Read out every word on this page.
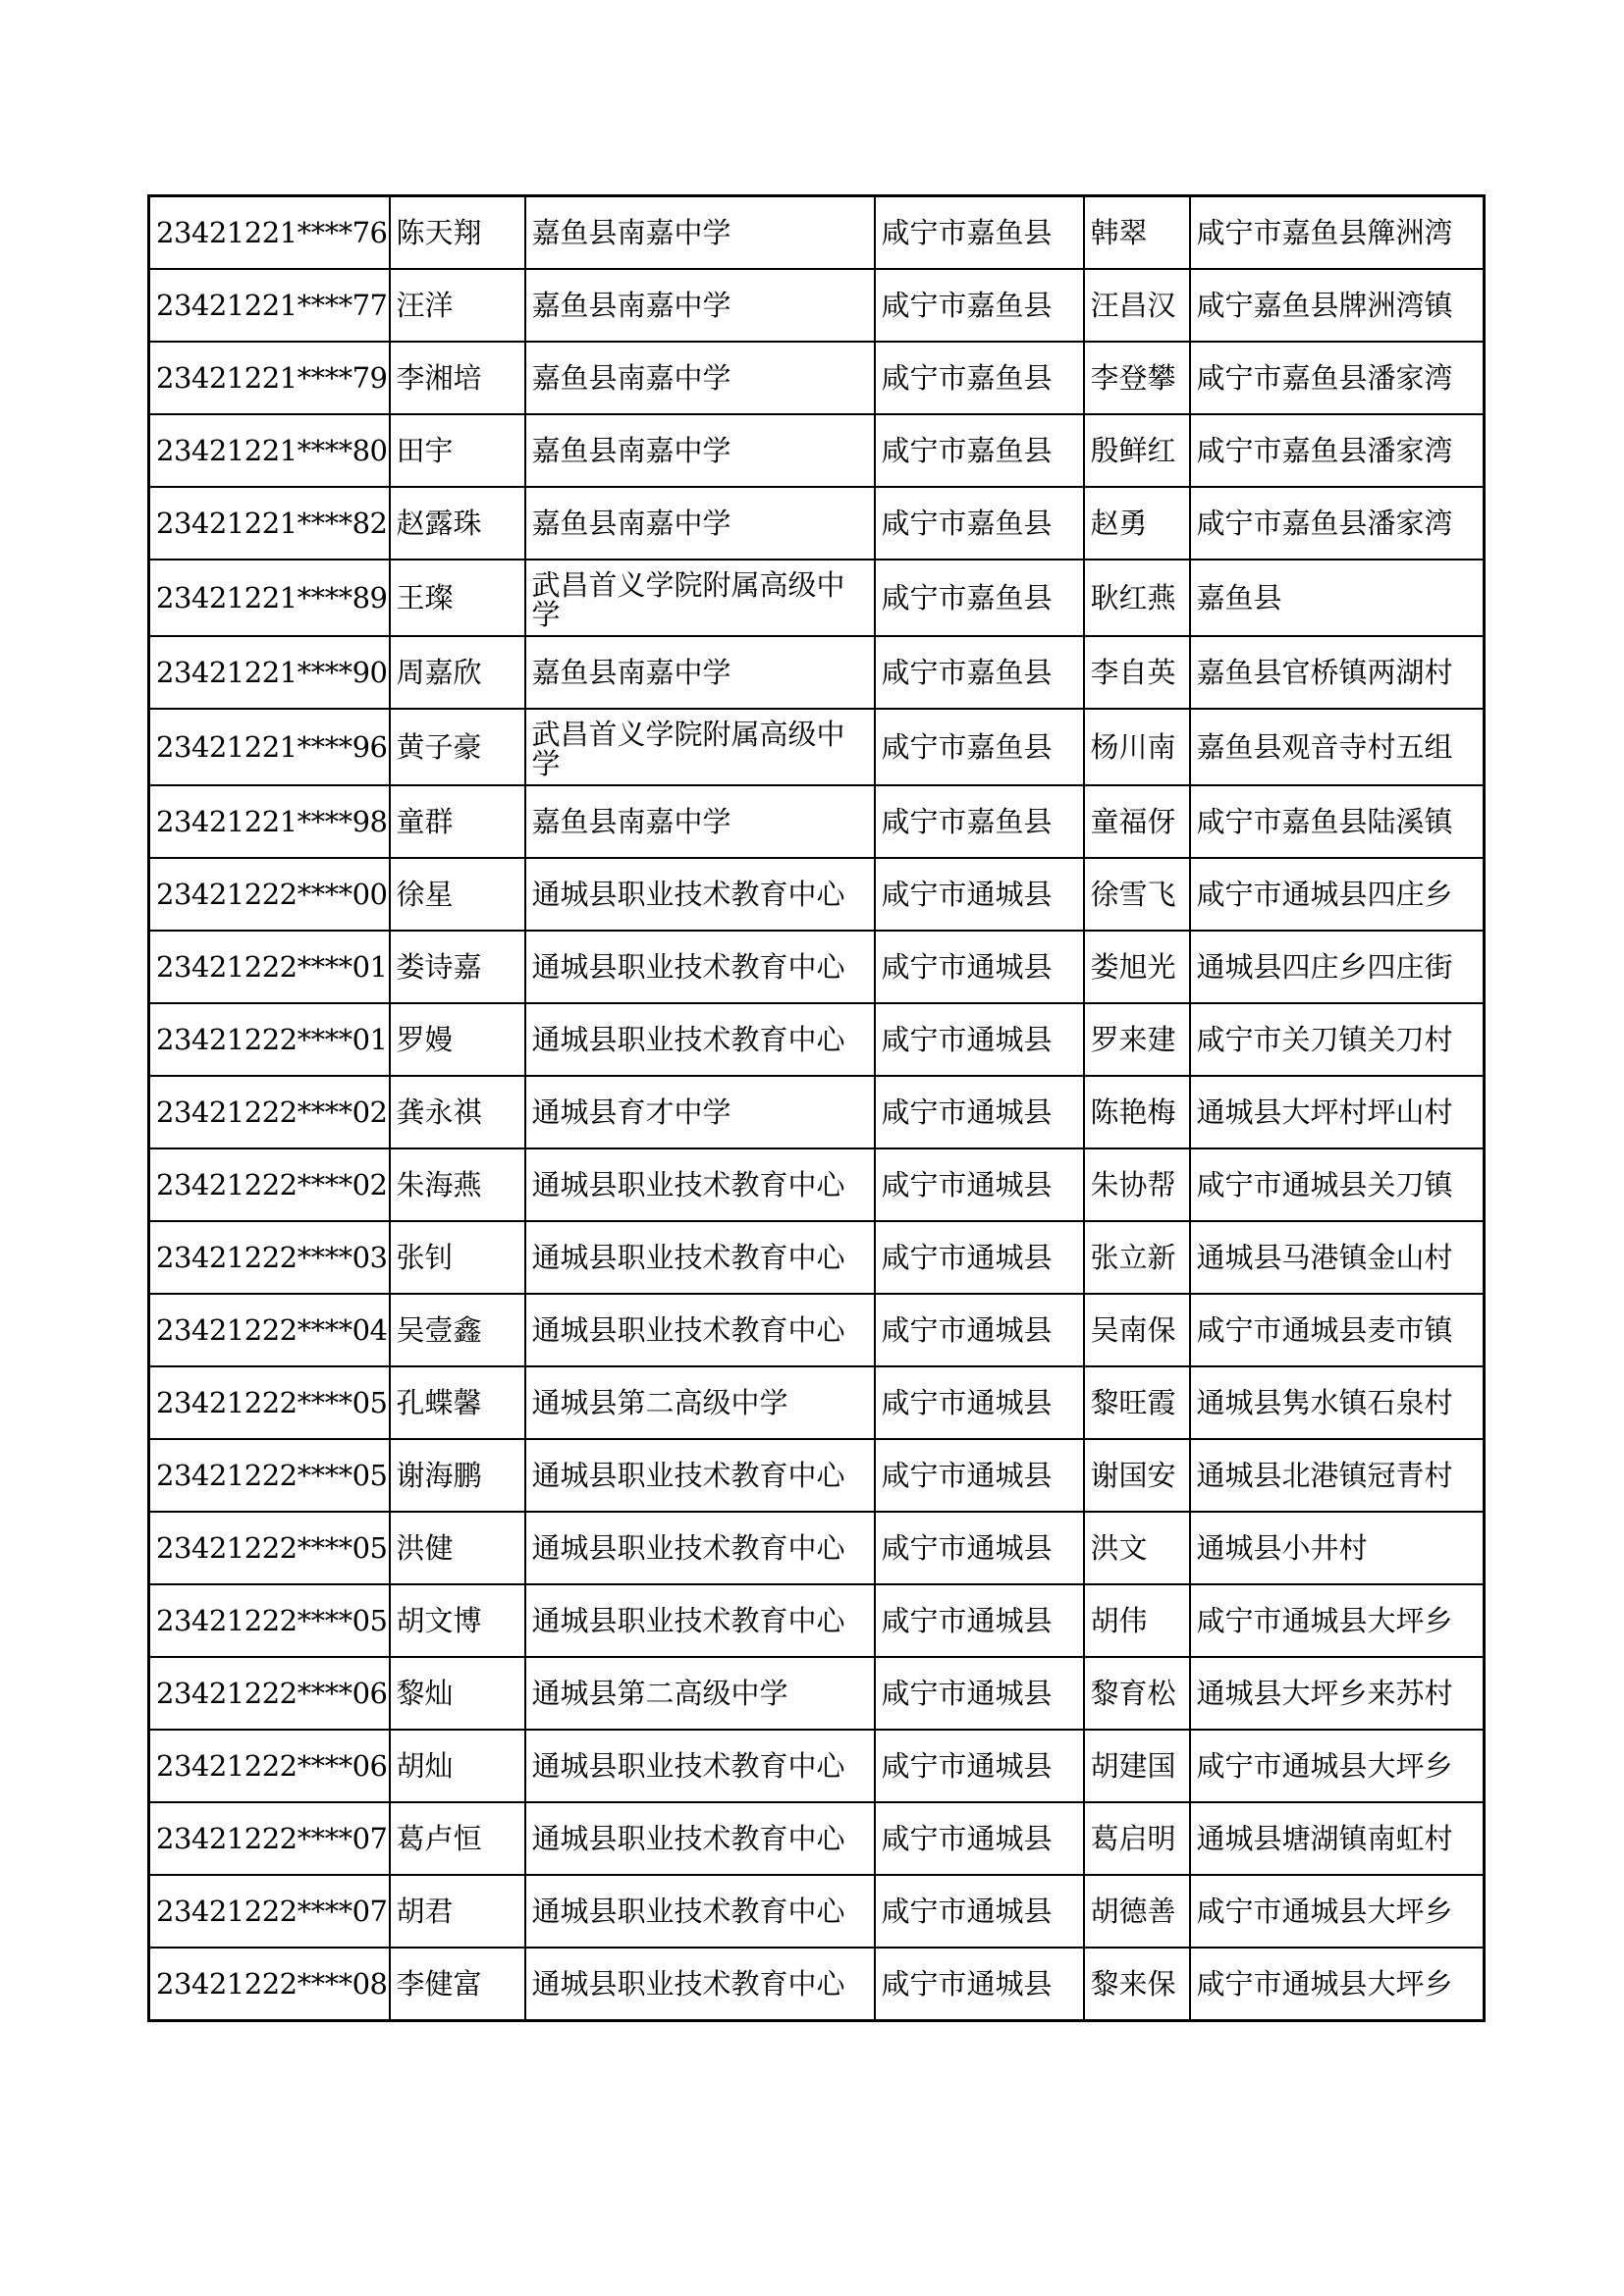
23421221****76	陈天翔	嘉鱼县南嘉中学	咸宁市嘉鱼县	韩翠	咸宁市嘉鱼县簰洲湾
23421221****77	汪洋	嘉鱼县南嘉中学	咸宁市嘉鱼县	汪昌汉	咸宁嘉鱼县牌洲湾镇
23421221****79	李湘培	嘉鱼县南嘉中学	咸宁市嘉鱼县	李登攀	咸宁市嘉鱼县潘家湾
23421221****80	田宇	嘉鱼县南嘉中学	咸宁市嘉鱼县	殷鲜红	咸宁市嘉鱼县潘家湾
23421221****82	赵露珠	嘉鱼县南嘉中学	咸宁市嘉鱼县	赵勇	咸宁市嘉鱼县潘家湾
23421221****89	王璨	武昌首义学院附属高级中学	咸宁市嘉鱼县	耿红燕	嘉鱼县
23421221****90	周嘉欣	嘉鱼县南嘉中学	咸宁市嘉鱼县	李自英	嘉鱼县官桥镇两湖村
23421221****96	黄子豪	武昌首义学院附属高级中学	咸宁市嘉鱼县	杨川南	嘉鱼县观音寺村五组
23421221****98	童群	嘉鱼县南嘉中学	咸宁市嘉鱼县	童福伢	咸宁市嘉鱼县陆溪镇
23421222****00	徐星	通城县职业技术教育中心	咸宁市通城县	徐雪飞	咸宁市通城县四庄乡
23421222****01	娄诗嘉	通城县职业技术教育中心	咸宁市通城县	娄旭光	通城县四庄乡四庄街
23421222****01	罗嫚	通城县职业技术教育中心	咸宁市通城县	罗来建	咸宁市关刀镇关刀村
23421222****02	龚永祺	通城县育才中学	咸宁市通城县	陈艳梅	通城县大坪村坪山村
23421222****02	朱海燕	通城县职业技术教育中心	咸宁市通城县	朱协帮	咸宁市通城县关刀镇
23421222****03	张钊	通城县职业技术教育中心	咸宁市通城县	张立新	通城县马港镇金山村
23421222****04	吴壹鑫	通城县职业技术教育中心	咸宁市通城县	吴南保	咸宁市通城县麦市镇
23421222****05	孔蝶馨	通城县第二高级中学	咸宁市通城县	黎旺霞	通城县隽水镇石泉村
23421222****05	谢海鹏	通城县职业技术教育中心	咸宁市通城县	谢国安	通城县北港镇冠青村
23421222****05	洪健	通城县职业技术教育中心	咸宁市通城县	洪文	通城县小井村
23421222****05	胡文博	通城县职业技术教育中心	咸宁市通城县	胡伟	咸宁市通城县大坪乡
23421222****06	黎灿	通城县第二高级中学	咸宁市通城县	黎育松	通城县大坪乡来苏村
23421222****06	胡灿	通城县职业技术教育中心	咸宁市通城县	胡建国	咸宁市通城县大坪乡
23421222****07	葛卢恒	通城县职业技术教育中心	咸宁市通城县	葛启明	通城县塘湖镇南虹村
23421222****07	胡君	通城县职业技术教育中心	咸宁市通城县	胡德善	咸宁市通城县大坪乡
23421222****08	李健富	通城县职业技术教育中心	咸宁市通城县	黎来保	咸宁市通城县大坪乡
